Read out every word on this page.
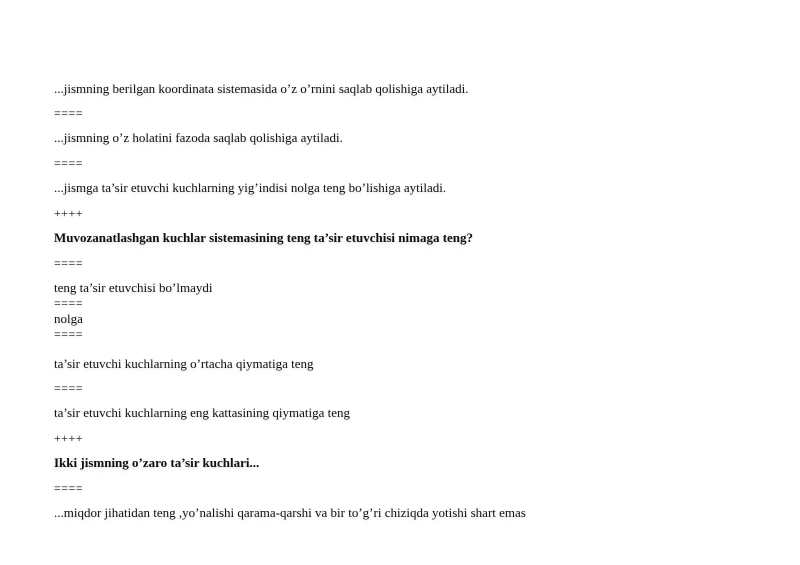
...jismning berilgan koordinata sistemasida o’z o’rnini saqlab qolishiga aytiladi.
====
...jismning o’z holatini fazoda saqlab qolishiga aytiladi.
====
...jismga ta’sir etuvchi kuchlarning yig’indisi nolga teng bo’lishiga aytiladi.
++++
Muvozanatlashgan kuchlar sistemasining teng ta’sir etuvchisi nimaga teng?
====
teng ta’sir etuvchisi bo’lmaydi
====
nolga
====
ta’sir etuvchi kuchlarning o’rtacha qiymatiga teng
====
ta’sir etuvchi kuchlarning eng kattasining qiymatiga teng
++++
Ikki jismning o’zaro ta’sir kuchlari...
====
...miqdor jihatidan teng ,yo’nalishi qarama-qarshi va bir to’g’ri chiziqda yotishi shart emas
